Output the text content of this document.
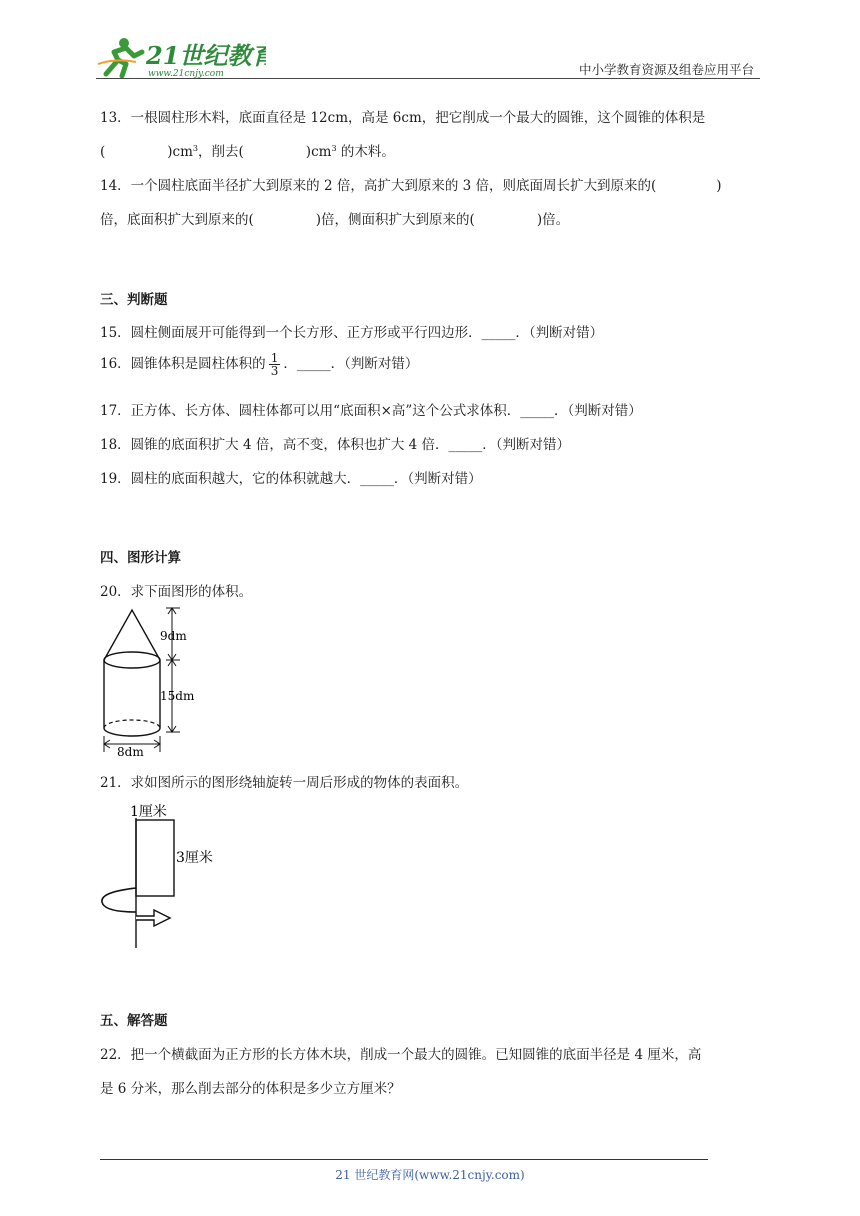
21世纪教育
www.21cnjy.com	中小学教育资源及组卷应用平台
13．一根圆柱形木料，底面直径是 12cm，高是 6cm，把它削成一个最大的圆锥，这个圆锥的体积是
(	)$cm^3$，削去(	)$cm^3$ 的木料。
14．一个圆柱底面半径扩大到原来的 2 倍，高扩大到原来的 3 倍，则底面周长扩大到原来的(	)
倍，底面积扩大到原来的(	)倍，侧面积扩大到原来的(	)倍。
三、判断题
15．圆柱侧面展开可能得到一个长方形、正方形或平行四边形．_____．（判断对错）
16．圆锥体积是圆柱体积的 $\frac{1}{3}$ ．_____．（判断对错）
17．正方体、长方体、圆柱体都可以用“底面积×高”这个公式求体积．_____．（判断对错）
18．圆锥的底面积扩大 4 倍，高不变，体积也扩大 4 倍．_____．（判断对错）
19．圆柱的底面积越大，它的体积就越大．_____．（判断对错）
四、图形计算
20．求下面图形的体积。
9dm
15dm
8dm
21．求如图所示的图形绕轴旋转一周后形成的物体的表面积。
1厘米
3厘米
五、解答题
22．把一个横截面为正方形的长方体木块，削成一个最大的圆锥。已知圆锥的底面半径是 4 厘米，高
是 6 分米，那么削去部分的体积是多少立方厘米？
21 世纪教育网(www.21cnjy.com)
